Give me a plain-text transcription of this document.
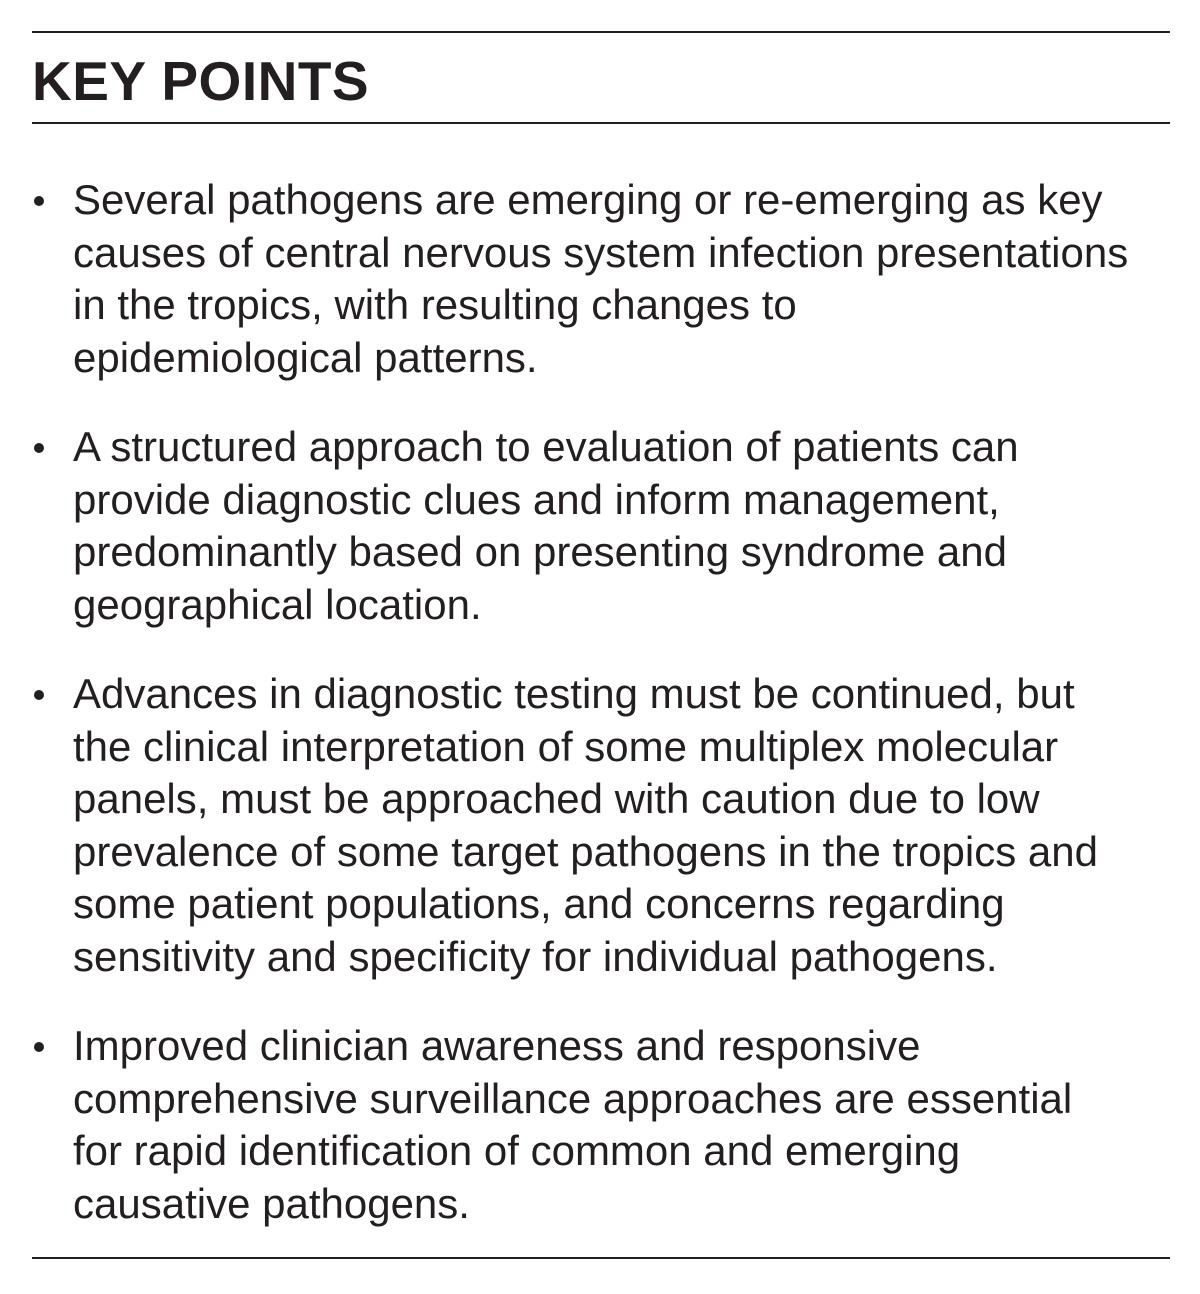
KEY POINTS
Several pathogens are emerging or re-emerging as key
causes of central nervous system infection presentations
in the tropics, with resulting changes to
epidemiological patterns.
A structured approach to evaluation of patients can
provide diagnostic clues and inform management,
predominantly based on presenting syndrome and
geographical location.
Advances in diagnostic testing must be continued, but
the clinical interpretation of some multiplex molecular
panels, must be approached with caution due to low
prevalence of some target pathogens in the tropics and
some patient populations, and concerns regarding
sensitivity and specificity for individual pathogens.
Improved clinician awareness and responsive
comprehensive surveillance approaches are essential
for rapid identification of common and emerging
causative pathogens.
